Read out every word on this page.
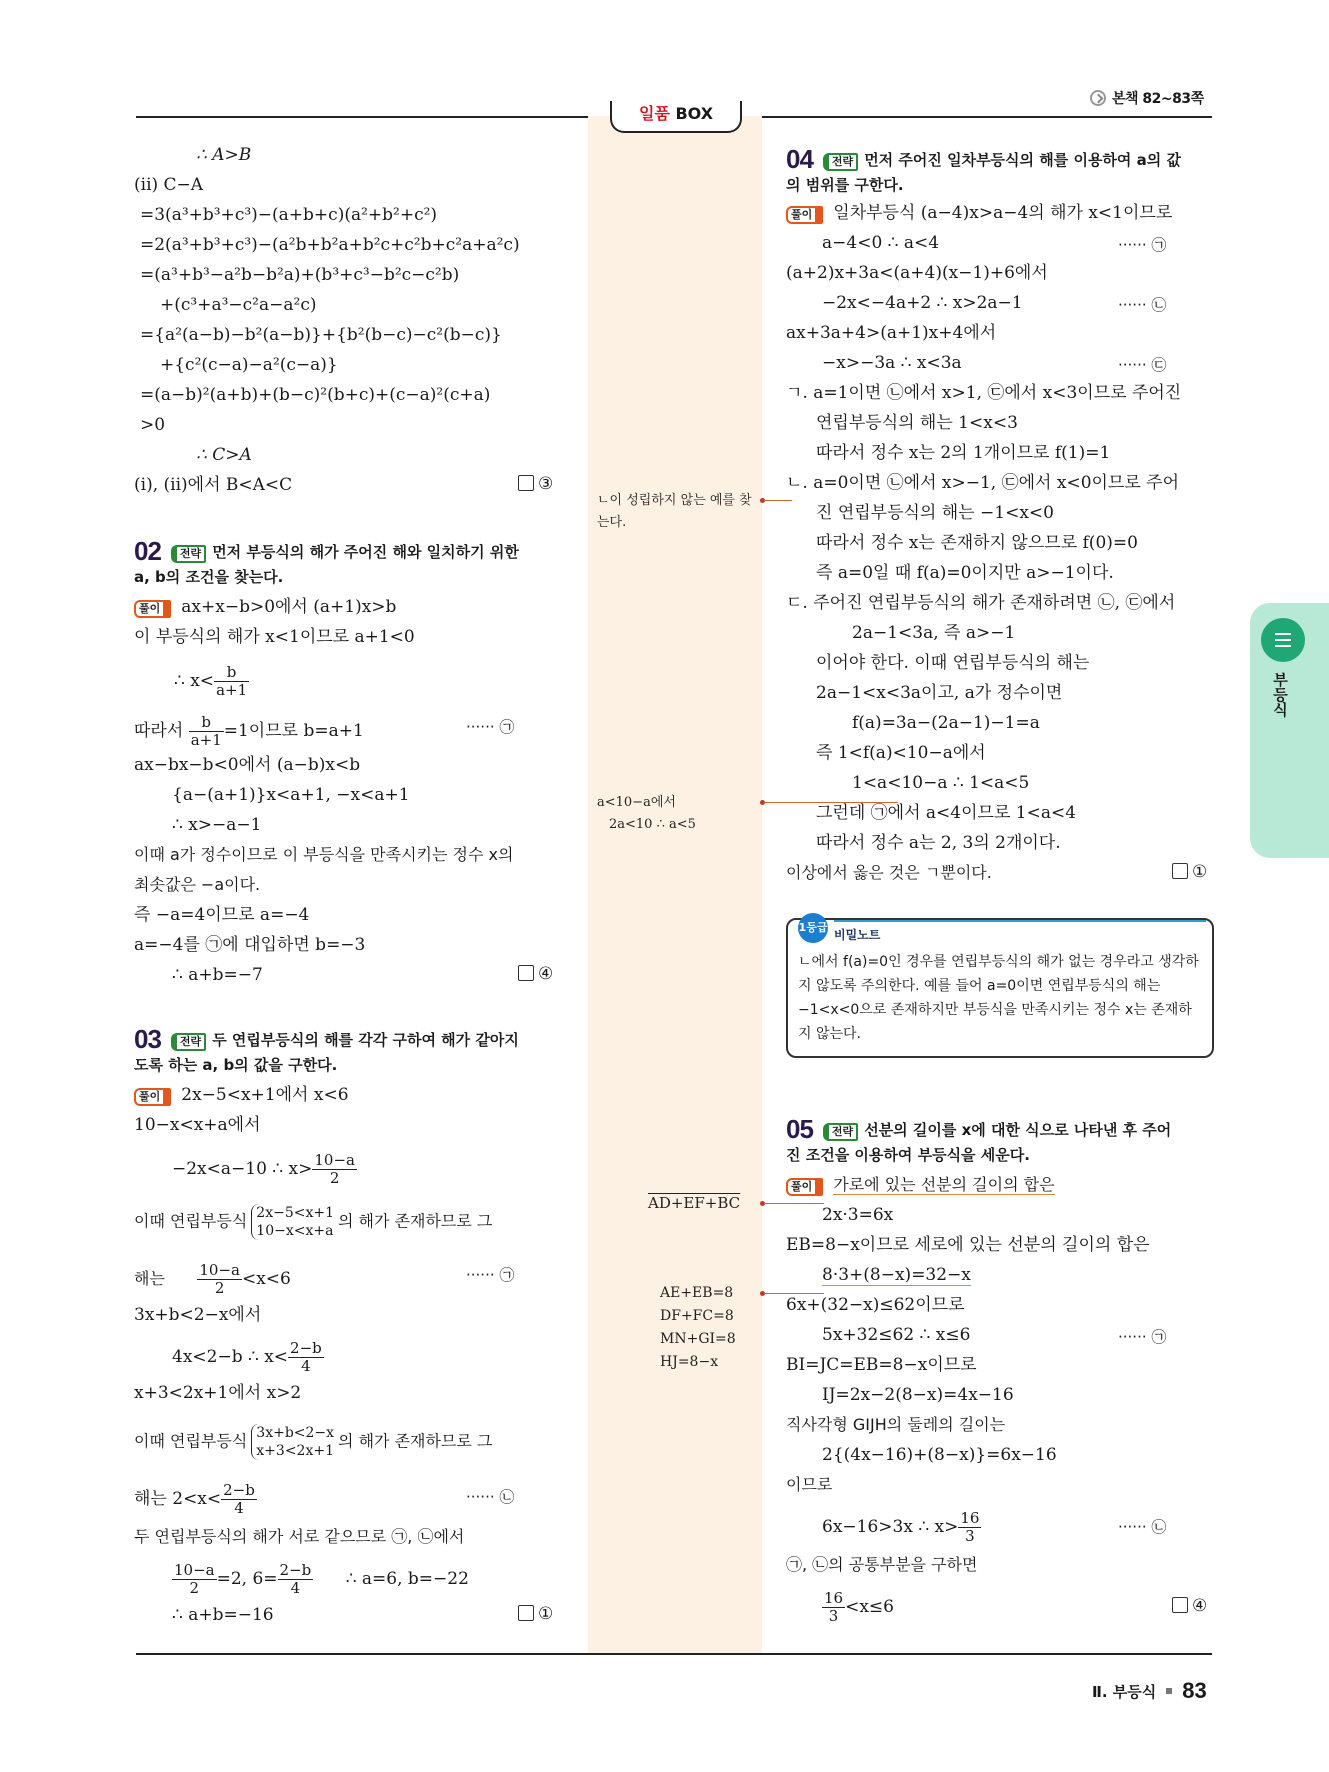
본책 82~83쪽
일품 BOX
∴ A>B
(ii) C−A
=3(a³+b³+c³)−(a+b+c)(a²+b²+c²)
=2(a³+b³+c³)−(a²b+b²a+b²c+c²b+c²a+a²c)
=(a³+b³−a²b−b²a)+(b³+c³−b²c−c²b)
+(c³+a³−c²a−a²c)
={a²(a−b)−b²(a−b)}+{b²(b−c)−c²(b−c)}
+{c²(c−a)−a²(c−a)}
=(a−b)²(a+b)+(b−c)²(b+c)+(c−a)²(c+a)
>0
∴ C>A
(i), (ii)에서 B<A<C	③
02 전략 먼저 부등식의 해가 주어진 해와 일치하기 위한
a, b의 조건을 찾는다.
풀이 ax+x−b>0에서 (a+1)x>b
이 부등식의 해가 x<1이므로 a+1<0
∴ $x< \frac{b}{a+1}$
따라서 $\frac{b}{a+1} =1$이므로 b=a+1	······ ㉠
ax−bx−b<0에서 (a−b)x<b
{a−(a+1)}x<a+1, −x<a+1
∴ x>−a−1
이때 a가 정수이므로 이 부등식을 만족시키는 정수 x의
최솟값은 −a이다.
즉 −a=4이므로 a=−4
a=−4를 ㉠에 대입하면 b=−3
∴ a+b=−7	④
03 전략 두 연립부등식의 해를 각각 구하여 해가 같아지
도록 하는 a, b의 값을 구한다.
풀이 2x−5<x+1에서 x<6
10−x<x+a에서
−2x<a−10 ∴ $x> \frac{10-a}{2}$
이때 연립부등식 2x−5<x+1
10−x<x+a
의 해가 존재하므로 그
해는 $\frac{10-a}{2} <x<6$	······ ㉠
3x+b<2−x에서
4x<2−b ∴ $x< \frac{2-b}{4}$
x+3<2x+1에서 x>2
이때 연립부등식 3x+b<2−x
x+3<2x+1
의 해가 존재하므로 그
해는 $2<x< \frac{2-b}{4}$	······ ㉡
두 연립부등식의 해가 서로 같으므로 ㉠, ㉡에서
$\frac{10-a}{2} =2$, $6= \frac{2-b}{4}$ ∴ a=6, b=−22
∴ a+b=−16	①
ㄴ이 성립하지 않는 예를 찾는다.
a<10−a에서
2a<10 ∴ a<5
AD+EF+BC
AE+EB=8
DF+FC=8
MN+GI=8
HJ=8−x
04 전략 먼저 주어진 일차부등식의 해를 이용하여 a의 값
의 범위를 구한다.
풀이 일차부등식 (a−4)x>a−4의 해가 x<1이므로
a−4<0 ∴ a<4	······ ㉠
(a+2)x+3a<(a+4)(x−1)+6에서
−2x<−4a+2 ∴ x>2a−1	······ ㉡
ax+3a+4>(a+1)x+4에서
−x>−3a ∴ x<3a	······ ㉢
ㄱ. a=1이면 ㉡에서 x>1, ㉢에서 x<3이므로 주어진
연립부등식의 해는 1<x<3
따라서 정수 x는 2의 1개이므로 f(1)=1
ㄴ. a=0이면 ㉡에서 x>−1, ㉢에서 x<0이므로 주어
진 연립부등식의 해는 −1<x<0
따라서 정수 x는 존재하지 않으므로 f(0)=0
즉 a=0일 때 f(a)=0이지만 a>−1이다.
ㄷ. 주어진 연립부등식의 해가 존재하려면 ㉡, ㉢에서
2a−1<3a, 즉 a>−1
이어야 한다. 이때 연립부등식의 해는
2a−1<x<3a이고, a가 정수이면
f(a)=3a−(2a−1)−1=a
즉 1<f(a)<10−a에서
1<a<10−a ∴ 1<a<5
그런데 ㉠에서 a<4이므로 1<a<4
따라서 정수 a는 2, 3의 2개이다.
이상에서 옳은 것은 ㄱ뿐이다.	①
1등급
비밀노트
ㄴ에서 f(a)=0인 경우를 연립부등식의 해가 없는 경우라고 생각하지 않도록 주의한다. 예를 들어 a=0이면 연립부등식의 해는 −1<x<0으로 존재하지만 부등식을 만족시키는 정수 x는 존재하지 않는다.
05 전략 선분의 길이를 x에 대한 식으로 나타낸 후 주어
진 조건을 이용하여 부등식을 세운다.
풀이 가로에 있는 선분의 길이의 합은
2x·3=6x
EB=8−x이므로 세로에 있는 선분의 길이의 합은
8·3+(8−x)=32−x
6x+(32−x)≤62이므로
5x+32≤62 ∴ x≤6	······ ㉠
BI=JC=EB=8−x이므로
IJ=2x−2(8−x)=4x−16
직사각형 GIJH의 둘레의 길이는
2{(4x−16)+(8−x)}=6x−16
이므로
6x−16>3x ∴ $x> \frac{16}{3}$	······ ㉡
㉠, ㉡의 공통부분을 구하면
$\frac{16}{3} <x\le 6$	④
부등식
Ⅱ. 부등식 83
